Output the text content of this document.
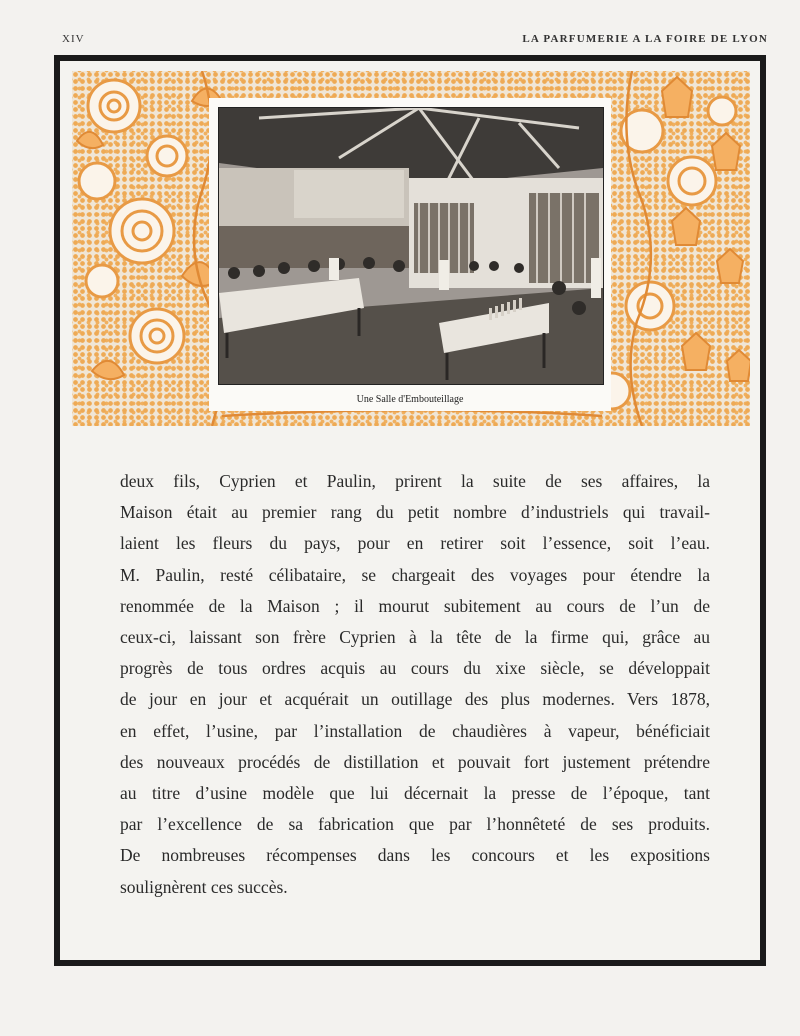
XIV	LA PARFUMERIE A LA FOIRE DE LYON
Une Salle d'Embouteillage
deux fils, Cyprien et Paulin, prirent la suite de ses affaires, la
Maison était au premier rang du petit nombre d’industriels qui travail-
laient les fleurs du pays, pour en retirer soit l’essence, soit l’eau.
M. Paulin, resté célibataire, se chargeait des voyages pour étendre la
renommée de la Maison ; il mourut subitement au cours de l’un de
ceux-ci, laissant son frère Cyprien à la tête de la firme qui, grâce au
progrès de tous ordres acquis au cours du xixe siècle, se développait
de jour en jour et acquérait un outillage des plus modernes. Vers 1878,
en effet, l’usine, par l’installation de chaudières à vapeur, bénéficiait
des nouveaux procédés de distillation et pouvait fort justement prétendre
au titre d’usine modèle que lui décernait la presse de l’époque, tant
par l’excellence de sa fabrication que par l’honnêteté de ses produits.
De nombreuses récompenses dans les concours et les expositions
soulignèrent ces succès.
